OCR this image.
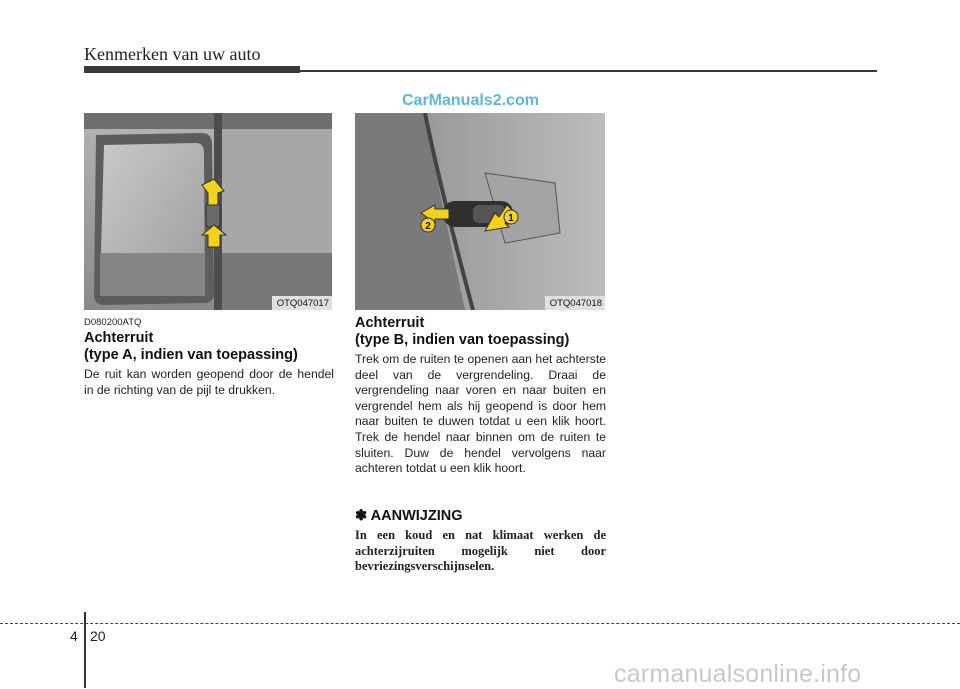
Kenmerken van uw auto
CarManuals2.com
OTQ047017
1
2
OTQ047018
D080200ATQ
Achterruit
(type A, indien van toepassing)
De ruit kan worden geopend door de hendel in de richting van de pijl te drukken.
Achterruit
(type B, indien van toepassing)
Trek om de ruiten te openen aan het achterste deel van de vergrendeling. Draai de vergrendeling naar voren en naar buiten en vergrendel hem als hij geopend is door hem naar buiten te duwen totdat u een klik hoort. Trek de hendel naar binnen om de ruiten te sluiten. Duw de hendel vervolgens naar achteren totdat u een klik hoort.
✽ AANWIJZING
In een koud en nat klimaat werken de achterzijruiten mogelijk niet door bevriezingsverschijnselen.
4 20
carmanualsonline.info
